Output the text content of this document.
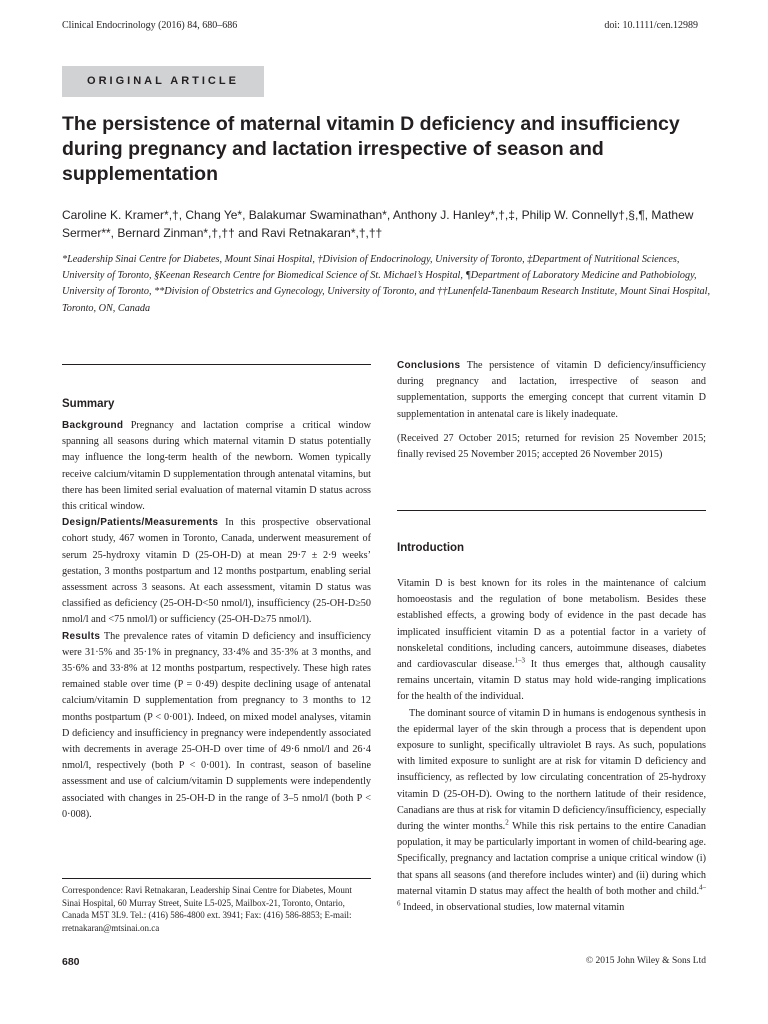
Clinical Endocrinology (2016) 84, 680–686	doi: 10.1111/cen.12989
ORIGINAL ARTICLE
The persistence of maternal vitamin D deficiency and insufficiency during pregnancy and lactation irrespective of season and supplementation
Caroline K. Kramer*,†, Chang Ye*, Balakumar Swaminathan*, Anthony J. Hanley*,†,‡, Philip W. Connelly†,§,¶, Mathew Sermer**, Bernard Zinman*,†,†† and Ravi Retnakaran*,†,††
*Leadership Sinai Centre for Diabetes, Mount Sinai Hospital, †Division of Endocrinology, University of Toronto, ‡Department of Nutritional Sciences, University of Toronto, §Keenan Research Centre for Biomedical Science of St. Michael’s Hospital, ¶Department of Laboratory Medicine and Pathobiology, University of Toronto, **Division of Obstetrics and Gynecology, University of Toronto, and ††Lunenfeld-Tanenbaum Research Institute, Mount Sinai Hospital, Toronto, ON, Canada
Summary

Background Pregnancy and lactation comprise a critical window spanning all seasons during which maternal vitamin D status potentially may influence the long-term health of the newborn. Women typically receive calcium/vitamin D supplementation through antenatal vitamins, but there has been limited serial evaluation of maternal vitamin D status across this critical window.

Design/Patients/Measurements In this prospective observational cohort study, 467 women in Toronto, Canada, underwent measurement of serum 25-hydroxy vitamin D (25-OH-D) at mean 29·7 ± 2·9 weeks’ gestation, 3 months postpartum and 12 months postpartum, enabling serial assessment across 3 seasons. At each assessment, vitamin D status was classified as deficiency (25-OH-D<50 nmol/l), insufficiency (25-OH-D≥50 nmol/l and <75 nmol/l) or sufficiency (25-OH-D≥75 nmol/l).

Results The prevalence rates of vitamin D deficiency and insufficiency were 31·5% and 35·1% in pregnancy, 33·4% and 35·3% at 3 months, and 35·6% and 33·8% at 12 months postpartum, respectively. These high rates remained stable over time (P = 0·49) despite declining usage of antenatal calcium/vitamin D supplementation from pregnancy to 3 months to 12 months postpartum (P < 0·001). Indeed, on mixed model analyses, vitamin D deficiency and insufficiency in pregnancy were independently associated with decrements in average 25-OH-D over time of 49·6 nmol/l and 26·4 nmol/l, respectively (both P < 0·001). In contrast, season of baseline assessment and use of calcium/vitamin D supplements were independently associated with changes in 25-OH-D in the range of 3–5 nmol/l (both P < 0·008).

Correspondence: Ravi Retnakaran, Leadership Sinai Centre for Diabetes, Mount Sinai Hospital, 60 Murray Street, Suite L5-025, Mailbox-21, Toronto, Ontario, Canada M5T 3L9. Tel.: (416) 586-4800 ext. 3941; Fax: (416) 586-8853; E-mail: rretnakaran@mtsinai.on.ca

Conclusions The persistence of vitamin D deficiency/insufficiency during pregnancy and lactation, irrespective of season and supplementation, supports the emerging concept that current vitamin D supplementation in antenatal care is likely inadequate.

(Received 27 October 2015; returned for revision 25 November 2015; finally revised 25 November 2015; accepted 26 November 2015)

Introduction

Vitamin D is best known for its roles in the maintenance of calcium homoeostasis and the regulation of bone metabolism. Besides these established effects, a growing body of evidence in the past decade has implicated insufficient vitamin D as a potential factor in a variety of nonskeletal conditions, including cancers, autoimmune diseases, diabetes and cardiovascular disease.$^{1-3}$ It thus emerges that, although causality remains uncertain, vitamin D status may hold wide-ranging implications for the health of the individual.

The dominant source of vitamin D in humans is endogenous synthesis in the epidermal layer of the skin through a process that is dependent upon exposure to sunlight, specifically ultraviolet B rays. As such, populations with limited exposure to sunlight are at risk for vitamin D deficiency and insufficiency, as reflected by low circulating concentration of 25-hydroxy vitamin D (25-OH-D). Owing to the northern latitude of their residence, Canadians are thus at risk for vitamin D deficiency/insufficiency, especially during the winter months.$^2$ While this risk pertains to the entire Canadian population, it may be particularly important in women of child-bearing age. Specifically, pregnancy and lactation comprise a unique critical window (i) that spans all seasons (and therefore includes winter) and (ii) during which maternal vitamin D status may affect the health of both mother and child.$^{4-6}$ Indeed, in observational studies, low maternal vitamin

680	© 2015 John Wiley & Sons Ltd
